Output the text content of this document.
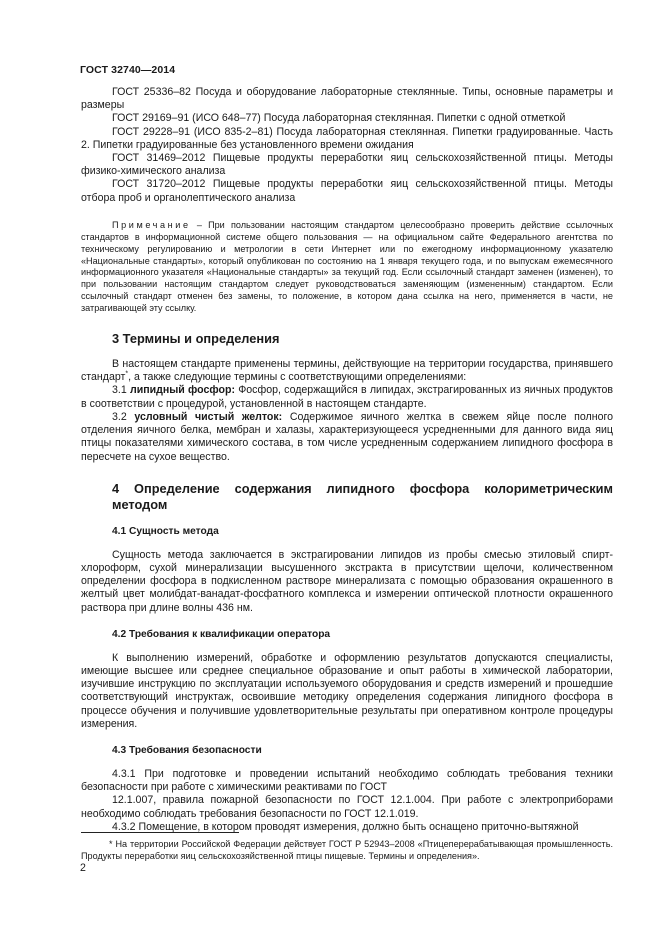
ГОСТ 32740—2014

ГОСТ 25336–82 Посуда и оборудование лабораторные стеклянные. Типы, основные параметры и размеры

ГОСТ 29169–91 (ИСО 648–77) Посуда лабораторная стеклянная. Пипетки с одной отметкой

ГОСТ 29228–91 (ИСО 835-2–81) Посуда лабораторная стеклянная. Пипетки градуированные. Часть 2. Пипетки градуированные без установленного времени ожидания

ГОСТ 31469–2012 Пищевые продукты переработки яиц сельскохозяйственной птицы. Методы физико-химического анализа

ГОСТ 31720–2012 Пищевые продукты переработки яиц сельскохозяйственной птицы. Методы отбора проб и органолептического анализа

Примечание – При пользовании настоящим стандартом целесообразно проверить действие ссылочных стандартов в информационной системе общего пользования — на официальном сайте Федерального агентства по техническому регулированию и метрологии в сети Интернет или по ежегодному информационному указателю «Национальные стандарты», который опубликован по состоянию на 1 января текущего года, и по выпускам ежемесячного информационного указателя «Национальные стандарты» за текущий год. Если ссылочный стандарт заменен (изменен), то при пользовании настоящим стандартом следует руководствоваться заменяющим (измененным) стандартом. Если ссылочный стандарт отменен без замены, то положение, в котором дана ссылка на него, применяется в части, не затрагивающей эту ссылку.

3 Термины и определения

В настоящем стандарте применены термины, действующие на территории государства, принявшего стандарт*, а также следующие термины с соответствующими определениями:

3.1 липидный фосфор: Фосфор, содержащийся в липидах, экстрагированных из яичных продуктов в соответствии с процедурой, установленной в настоящем стандарте.

3.2 условный чистый желток: Содержимое яичного желтка в свежем яйце после полного отделения яичного белка, мембран и халазы, характеризующееся усредненными для данного вида яиц птицы показателями химического состава, в том числе усредненным содержанием липидного фосфора в пересчете на сухое вещество.

4 Определение содержания липидного фосфора колориметрическим методом
4.1 Сущность метода

Сущность метода заключается в экстрагировании липидов из пробы смесью этиловый спирт-хлороформ, сухой минерализации высушенного экстракта в присутствии щелочи, количественном определении фосфора в подкисленном растворе минерализата с помощью образования окрашенного в желтый цвет молибдат-ванадат-фосфатного комплекса и измерении оптической плотности окрашенного раствора при длине волны 436 нм.

4.2 Требования к квалификации оператора

К выполнению измерений, обработке и оформлению результатов допускаются специалисты, имеющие высшее или среднее специальное образование и опыт работы в химической лаборатории, изучившие инструкцию по эксплуатации используемого оборудования и средств измерений и прошедшие соответствующий инструктаж, освоившие методику определения содержания липидного фосфора в процессе обучения и получившие удовлетворительные результаты при оперативном контроле процедуры измерения.

4.3 Требования безопасности

4.3.1 При подготовке и проведении испытаний необходимо соблюдать требования техники безопасности при работе с химическими реактивами по ГОСТ

12.1.007, правила пожарной безопасности по ГОСТ 12.1.004. При работе с электроприборами необходимо соблюдать требования безопасности по ГОСТ 12.1.019.

4.3.2 Помещение, в котором проводят измерения, должно быть оснащено приточно-вытяжной

* На территории Российской Федерации действует ГОСТ Р 52943–2008 «Птицеперерабатывающая промышленность. Продукты переработки яиц сельскохозяйственной птицы пищевые. Термины и определения».
2
